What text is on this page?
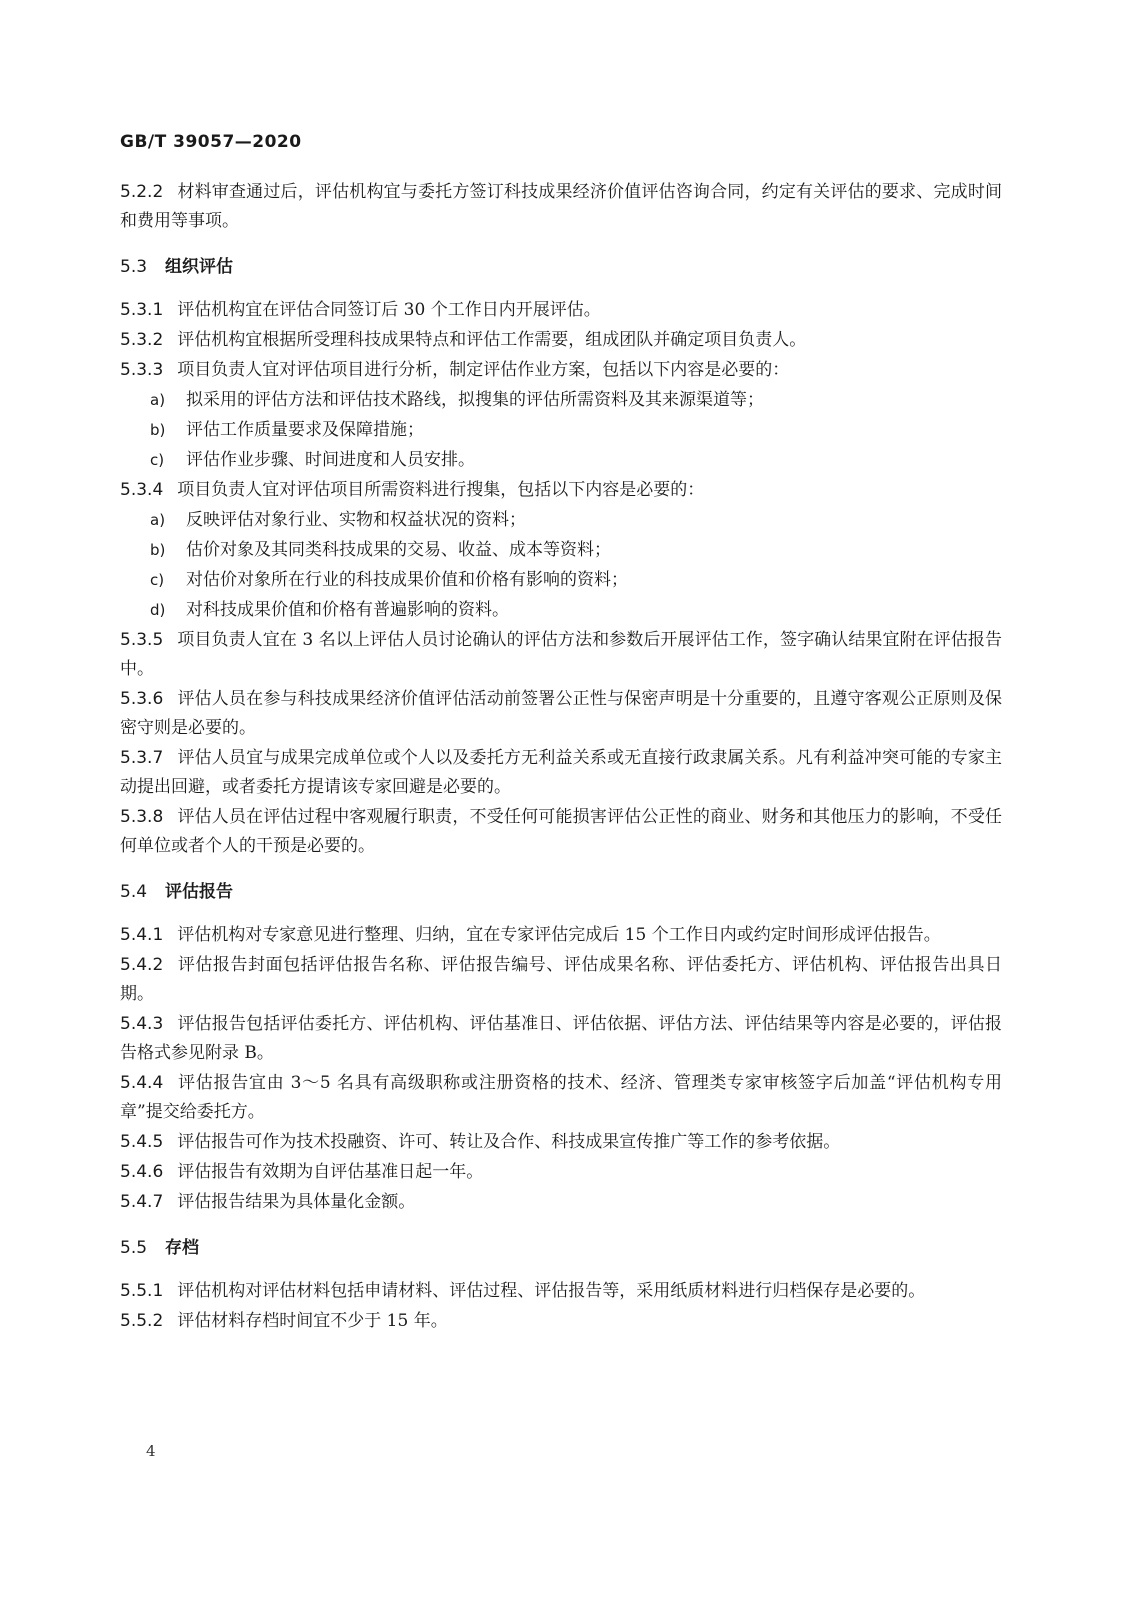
GB/T 39057—2020

5.2.2 材料审查通过后，评估机构宜与委托方签订科技成果经济价值评估咨询合同，约定有关评估的要求、完成时间和费用等事项。

5.3 组织评估

5.3.1 评估机构宜在评估合同签订后 30 个工作日内开展评估。

5.3.2 评估机构宜根据所受理科技成果特点和评估工作需要，组成团队并确定项目负责人。

5.3.3 项目负责人宜对评估项目进行分析，制定评估作业方案，包括以下内容是必要的：

a) 拟采用的评估方法和评估技术路线，拟搜集的评估所需资料及其来源渠道等；
b) 评估工作质量要求及保障措施；
c) 评估作业步骤、时间进度和人员安排。

5.3.4 项目负责人宜对评估项目所需资料进行搜集，包括以下内容是必要的：

a) 反映评估对象行业、实物和权益状况的资料；
b) 估价对象及其同类科技成果的交易、收益、成本等资料；
c) 对估价对象所在行业的科技成果价值和价格有影响的资料；
d) 对科技成果价值和价格有普遍影响的资料。

5.3.5 项目负责人宜在 3 名以上评估人员讨论确认的评估方法和参数后开展评估工作，签字确认结果宜附在评估报告中。

5.3.6 评估人员在参与科技成果经济价值评估活动前签署公正性与保密声明是十分重要的，且遵守客观公正原则及保密守则是必要的。

5.3.7 评估人员宜与成果完成单位或个人以及委托方无利益关系或无直接行政隶属关系。凡有利益冲突可能的专家主动提出回避，或者委托方提请该专家回避是必要的。

5.3.8 评估人员在评估过程中客观履行职责，不受任何可能损害评估公正性的商业、财务和其他压力的影响，不受任何单位或者个人的干预是必要的。

5.4 评估报告

5.4.1 评估机构对专家意见进行整理、归纳，宜在专家评估完成后 15 个工作日内或约定时间形成评估报告。

5.4.2 评估报告封面包括评估报告名称、评估报告编号、评估成果名称、评估委托方、评估机构、评估报告出具日期。

5.4.3 评估报告包括评估委托方、评估机构、评估基准日、评估依据、评估方法、评估结果等内容是必要的，评估报告格式参见附录 B。

5.4.4 评估报告宜由 3～5 名具有高级职称或注册资格的技术、经济、管理类专家审核签字后加盖“评估机构专用章”提交给委托方。

5.4.5 评估报告可作为技术投融资、许可、转让及合作、科技成果宣传推广等工作的参考依据。

5.4.6 评估报告有效期为自评估基准日起一年。

5.4.7 评估报告结果为具体量化金额。

5.5 存档

5.5.1 评估机构对评估材料包括申请材料、评估过程、评估报告等，采用纸质材料进行归档保存是必要的。

5.5.2 评估材料存档时间宜不少于 15 年。

4
